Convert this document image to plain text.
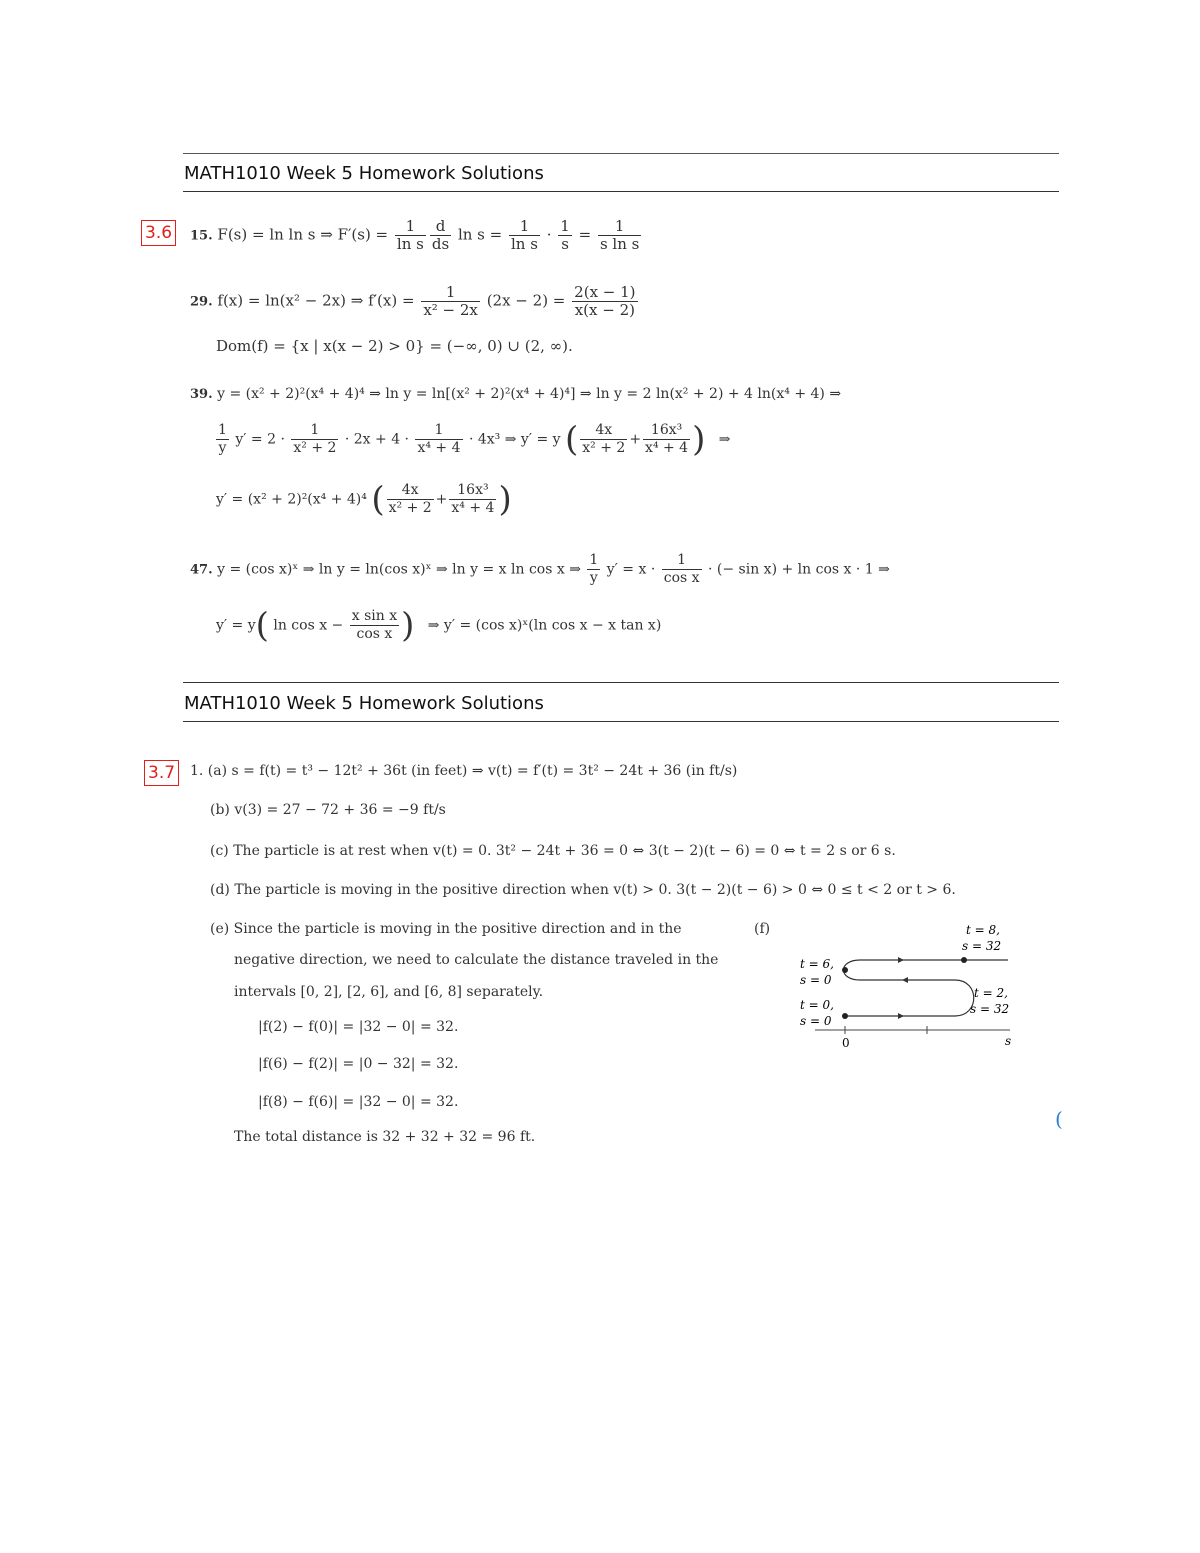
MATH1010 Week 5 Homework Solutions
3.6	15. F(s) = ln ln s ⇒ $F'(s) = \frac{1}{\text{ln s}} \frac{d}{ds}$ $\ln s = \frac{1}{\text{ln s}} \cdot \frac{1}{s} = \frac{1}{\text{s ln s}}$
29. f(x) = ln(x² − 2x) ⇒ $f'(x) = \frac{1}{\text{x² − 2x}} (2x - 2) = \frac{2(x - 1)}{x(x - 2)}$
Dom(f) = {x | x(x − 2) > 0} = (−∞, 0) ∪ (2, ∞).
39. y = (x² + 2)²(x⁴ + 4)⁴ ⇒ ln y = ln[(x² + 2)²(x⁴ + 4)⁴] ⇒ ln y = 2 ln(x² + 2) + 4 ln(x⁴ + 4) ⇒
$\frac{1}{y} y' = 2 \cdot \frac{1}{\text{x² + 2}} \cdot 2x + 4 \cdot \frac{1}{\text{x⁴ + 4}} \cdot 4x^3$ ⇒ y′ = y ( $\frac{4x}{\text{x² + 2}} + \frac{\text{16x³}}{\text{x⁴ + 4}}$ ) ⇒
y′ = (x² + 2)²(x⁴ + 4)⁴ ( $\frac{4x}{\text{x² + 2}} + \frac{\text{16x³}}{\text{x⁴ + 4}}$ )
47. y = (cos x)ˣ ⇒ ln y = ln(cos x)ˣ ⇒ ln y = x ln cos x ⇒ $\frac{1}{y} y' = x \cdot \frac{1}{\text{cos x}}$ · (− sin x) + ln cos x · 1 ⇒
y′ = y( $\ln \cos x - \frac{\text{x sin x}}{\text{cos x}}$ ) ⇒ y′ = (cos x)ˣ(ln cos x − x tan x)
MATH1010 Week 5 Homework Solutions
3.7 1. (a) s = f(t) = t³ − 12t² + 36t (in feet) ⇒ v(t) = f′(t) = 3t² − 24t + 36 (in ft/s)
(b) v(3) = 27 − 72 + 36 = −9 ft/s
(c) The particle is at rest when v(t) = 0. 3t² − 24t + 36 = 0 ⇔ 3(t − 2)(t − 6) = 0 ⇔ t = 2 s or 6 s.
(d) The particle is moving in the positive direction when v(t) > 0. 3(t − 2)(t − 6) > 0 ⇔ 0 ≤ t < 2 or t > 6.
(e) Since the particle is moving in the positive direction and in the
negative direction, we need to calculate the distance traveled in the
intervals [0, 2], [2, 6], and [6, 8] separately.
|f(2) − f(0)| = |32 − 0| = 32.
|f(6) − f(2)| = |0 − 32| = 32.
|f(8) − f(6)| = |32 − 0| = 32.
The total distance is 32 + 32 + 32 = 96 ft.
(f)	t = 8,
s = 32
t = 6,
s = 0
t = 0,
s = 0
t = 2,
s = 32
0	s
(
